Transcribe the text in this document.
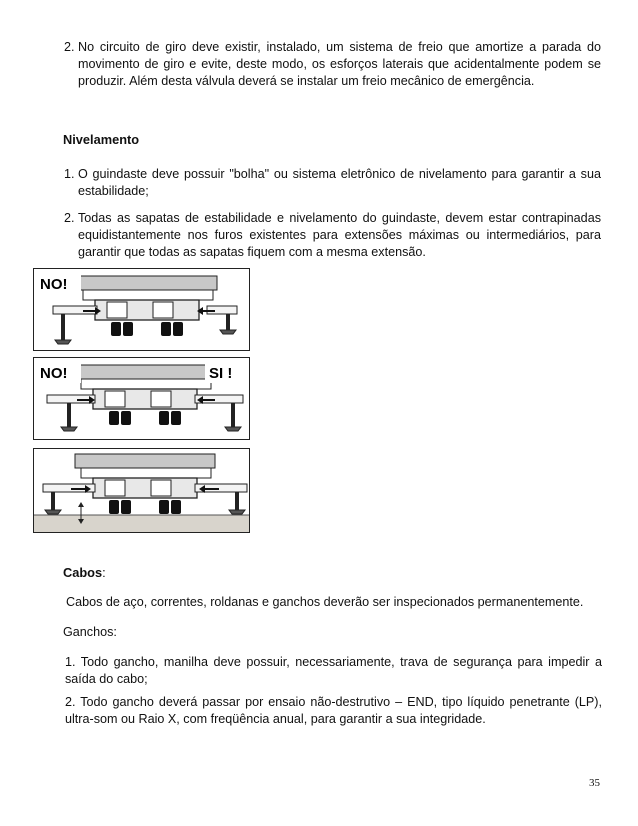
2. No circuito de giro deve existir, instalado, um sistema de freio que amortize a parada do movimento de giro e evite, deste modo, os esforços laterais que acidentalmente podem se produzir. Além desta válvula deverá se instalar um freio mecânico de emergência.
Nivelamento
1. O guindaste deve possuir "bolha" ou sistema eletrônico de nivelamento para garantir a sua estabilidade;
2. Todas as sapatas de estabilidade e nivelamento do guindaste, devem estar contrapinadas equidistantemente nos furos existentes para extensões máximas ou intermediários, para garantir que todas as sapatas fiquem com a mesma extensão.
NO!
NO!	SI !
Cabos:
Cabos de aço, correntes, roldanas e ganchos deverão ser inspecionados permanentemente.
Ganchos:
1. Todo gancho, manilha deve possuir, necessariamente, trava de segurança para impedir a saída do cabo;
2. Todo gancho deverá passar por ensaio não-destrutivo – END, tipo líquido penetrante (LP), ultra-som ou Raio X, com freqüência anual, para garantir a sua integridade.
35
